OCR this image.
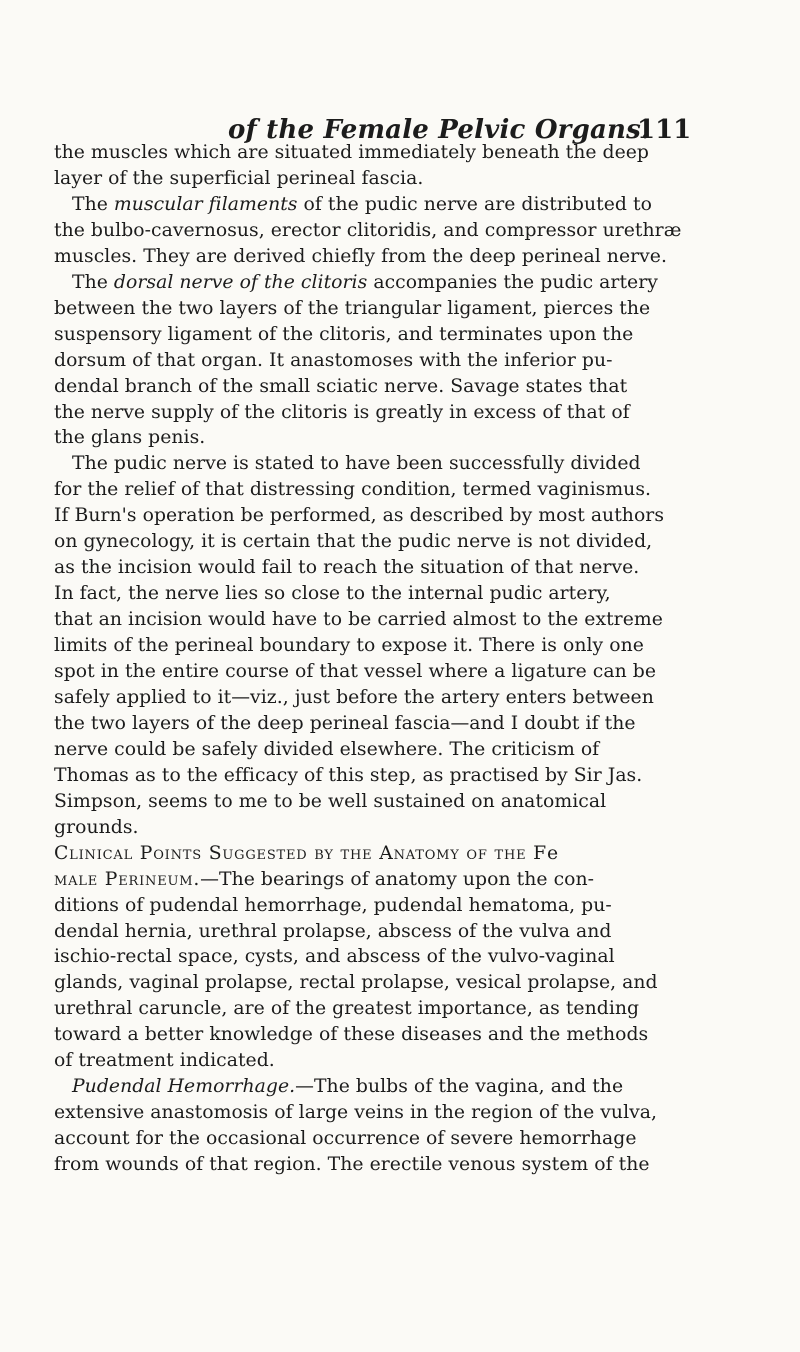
of the Female Pelvic Organs.
111
the muscles which are situated immediately beneath the deep
layer of the superficial perineal fascia.
The muscular filaments of the pudic nerve are distributed to
the bulbo-cavernosus, erector clitoridis, and compressor urethræ
muscles. They are derived chiefly from the deep perineal nerve.
The dorsal nerve of the clitoris accompanies the pudic artery
between the two layers of the triangular ligament, pierces the
suspensory ligament of the clitoris, and terminates upon the
dorsum of that organ. It anastomoses with the inferior pu-
dendal branch of the small sciatic nerve. Savage states that
the nerve supply of the clitoris is greatly in excess of that of
the glans penis.
The pudic nerve is stated to have been successfully divided
for the relief of that distressing condition, termed vaginismus.
If Burn's operation be performed, as described by most authors
on gynecology, it is certain that the pudic nerve is not divided,
as the incision would fail to reach the situation of that nerve.
In fact, the nerve lies so close to the internal pudic artery,
that an incision would have to be carried almost to the extreme
limits of the perineal boundary to expose it. There is only one
spot in the entire course of that vessel where a ligature can be
safely applied to it—viz., just before the artery enters between
the two layers of the deep perineal fascia—and I doubt if the
nerve could be safely divided elsewhere. The criticism of
Thomas as to the efficacy of this step, as practised by Sir Jas.
Simpson, seems to me to be well sustained on anatomical
grounds.
Clinical Points Suggested by the Anatomy of the Fe
male Perineum.—The bearings of anatomy upon the con-
ditions of pudendal hemorrhage, pudendal hematoma, pu-
dendal hernia, urethral prolapse, abscess of the vulva and
ischio-rectal space, cysts, and abscess of the vulvo-vaginal
glands, vaginal prolapse, rectal prolapse, vesical prolapse, and
urethral caruncle, are of the greatest importance, as tending
toward a better knowledge of these diseases and the methods
of treatment indicated.
Pudendal Hemorrhage.—The bulbs of the vagina, and the
extensive anastomosis of large veins in the region of the vulva,
account for the occasional occurrence of severe hemorrhage
from wounds of that region. The erectile venous system of the
